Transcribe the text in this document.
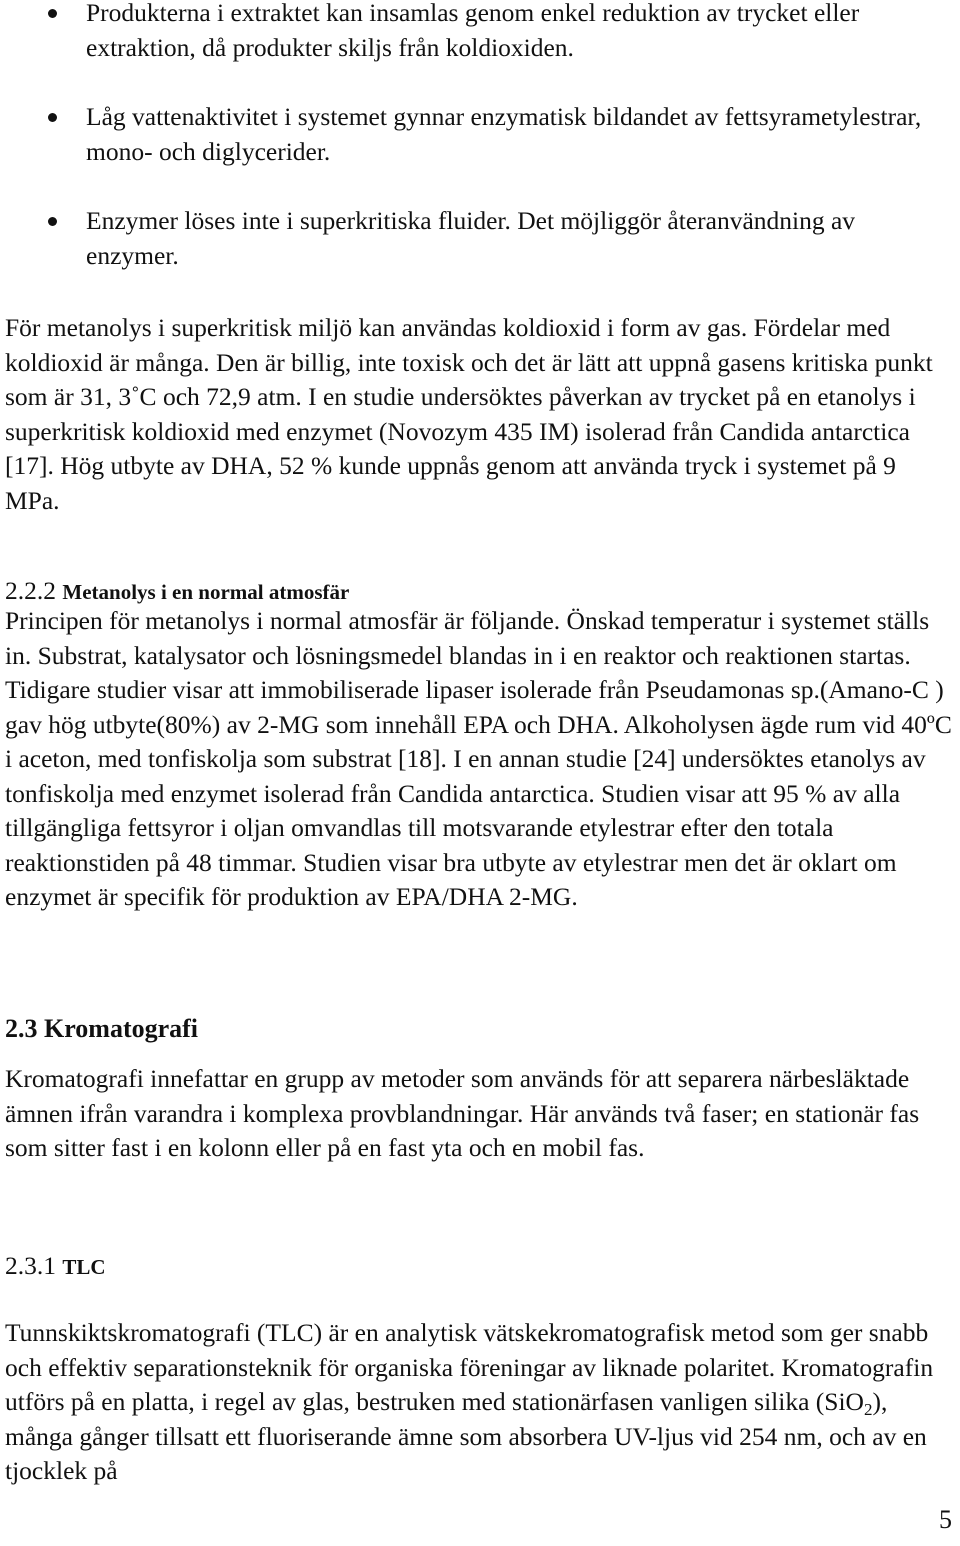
Produkterna i extraktet kan insamlas genom enkel reduktion av trycket eller extraktion, då produkter skiljs från koldioxiden.
Låg vattenaktivitet i systemet gynnar enzymatisk bildandet av fettsyrametylestrar, mono- och diglycerider.
Enzymer löses inte i superkritiska fluider. Det möjliggör återanvändning av enzymer.

För metanolys i superkritisk miljö kan användas koldioxid i form av gas. Fördelar med koldioxid är många. Den är billig, inte toxisk och det är lätt att uppnå gasens kritiska punkt som är 31, 3˚C och 72,9 atm. I en studie undersöktes påverkan av trycket på en etanolys i superkritisk koldioxid med enzymet (Novozym 435 IM) isolerad från Candida antarctica [17]. Hög utbyte av DHA, 52 % kunde uppnås genom att använda tryck i systemet på 9 MPa.

2.2.2 Metanolys i en normal atmosfär

Principen för metanolys i normal atmosfär är följande. Önskad temperatur i systemet ställs in. Substrat, katalysator och lösningsmedel blandas in i en reaktor och reaktionen startas. Tidigare studier visar att immobiliserade lipaser isolerade från Pseudamonas sp.(Amano-C ) gav hög utbyte(80%) av 2-MG som innehåll EPA och DHA. Alkoholysen ägde rum vid 40ºC i aceton, med tonfiskolja som substrat [18]. I en annan studie [24] undersöktes etanolys av tonfiskolja med enzymet isolerad från Candida antarctica. Studien visar att 95 % av alla tillgängliga fettsyror i oljan omvandlas till motsvarande etylestrar efter den totala reaktionstiden på 48 timmar. Studien visar bra utbyte av etylestrar men det är oklart om enzymet är specifik för produktion av EPA/DHA 2-MG.

2.3 Kromatografi

Kromatografi innefattar en grupp av metoder som används för att separera närbesläktade ämnen ifrån varandra i komplexa provblandningar. Här används två faser; en stationär fas som sitter fast i en kolonn eller på en fast yta och en mobil fas.

2.3.1 TLC

Tunnskiktskromatografi (TLC) är en analytisk vätskekromatografisk metod som ger snabb och effektiv separationsteknik för organiska föreningar av liknade polaritet. Kromatografin utförs på en platta, i regel av glas, bestruken med stationärfasen vanligen silika (SiO$_2$), många gånger tillsatt ett fluoriserande ämne som absorbera UV-ljus vid 254 nm, och av en tjocklek på

5
